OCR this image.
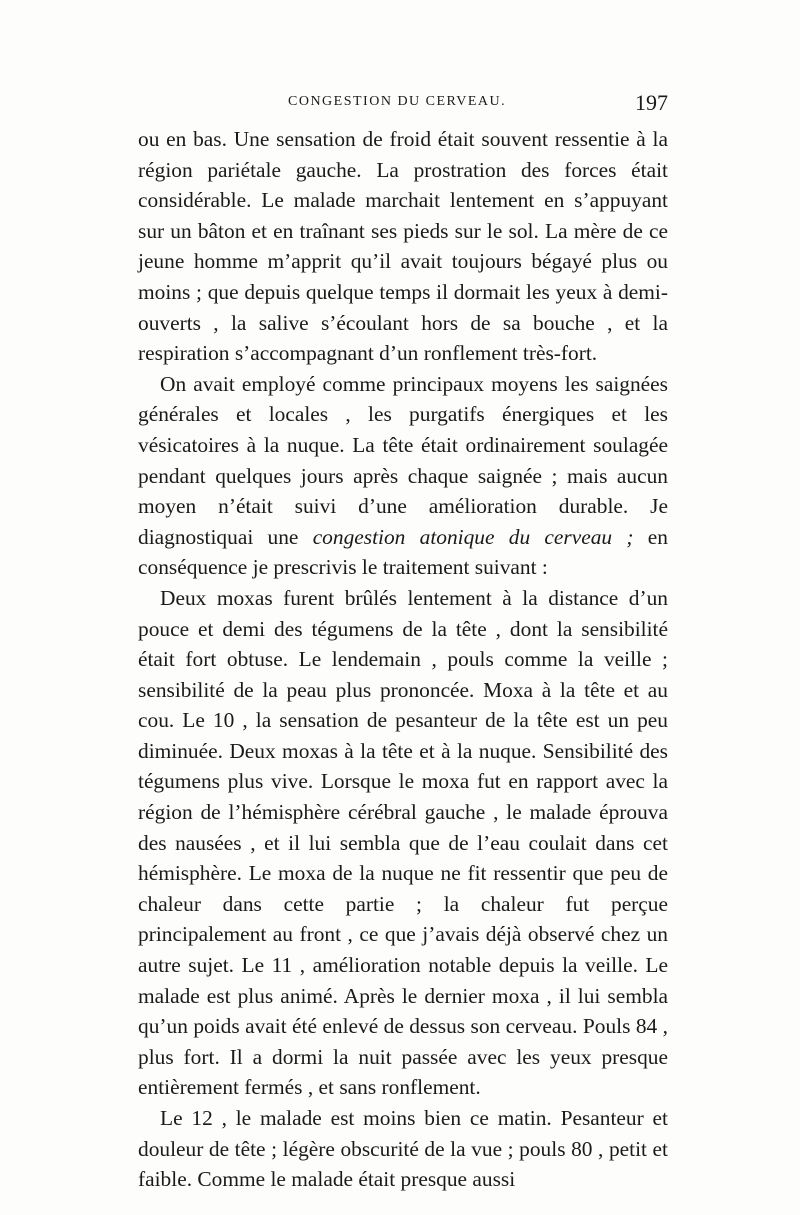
CONGESTION DU CERVEAU.	197

ou en bas. Une sensation de froid était souvent ressentie à la région pariétale gauche. La prostration des forces était considérable. Le malade marchait lentement en s’appuyant sur un bâton et en traînant ses pieds sur le sol. La mère de ce jeune homme m’apprit qu’il avait toujours bégayé plus ou moins ; que depuis quelque temps il dormait les yeux à demi-ouverts , la salive s’écoulant hors de sa bouche , et la respiration s’accompagnant d’un ronflement très-fort.

On avait employé comme principaux moyens les saignées générales et locales , les purgatifs énergiques et les vésicatoires à la nuque. La tête était ordinairement soulagée pendant quelques jours après chaque saignée ; mais aucun moyen n’était suivi d’une amélioration durable. Je diagnostiquai une congestion atonique du cerveau ; en conséquence je prescrivis le traitement suivant :

Deux moxas furent brûlés lentement à la distance d’un pouce et demi des tégumens de la tête , dont la sensibilité était fort obtuse. Le lendemain , pouls comme la veille ; sensibilité de la peau plus prononcée. Moxa à la tête et au cou. Le 10 , la sensation de pesanteur de la tête est un peu diminuée. Deux moxas à la tête et à la nuque. Sensibilité des tégumens plus vive. Lorsque le moxa fut en rapport avec la région de l’hémisphère cérébral gauche , le malade éprouva des nausées , et il lui sembla que de l’eau coulait dans cet hémisphère. Le moxa de la nuque ne fit ressentir que peu de chaleur dans cette partie ; la chaleur fut perçue principalement au front , ce que j’avais déjà observé chez un autre sujet. Le 11 , amélioration notable depuis la veille. Le malade est plus animé. Après le dernier moxa , il lui sembla qu’un poids avait été enlevé de dessus son cerveau. Pouls 84 , plus fort. Il a dormi la nuit passée avec les yeux presque entièrement fermés , et sans ronflement.

Le 12 , le malade est moins bien ce matin. Pesanteur et douleur de tête ; légère obscurité de la vue ; pouls 80 , petit et faible. Comme le malade était presque aussi
